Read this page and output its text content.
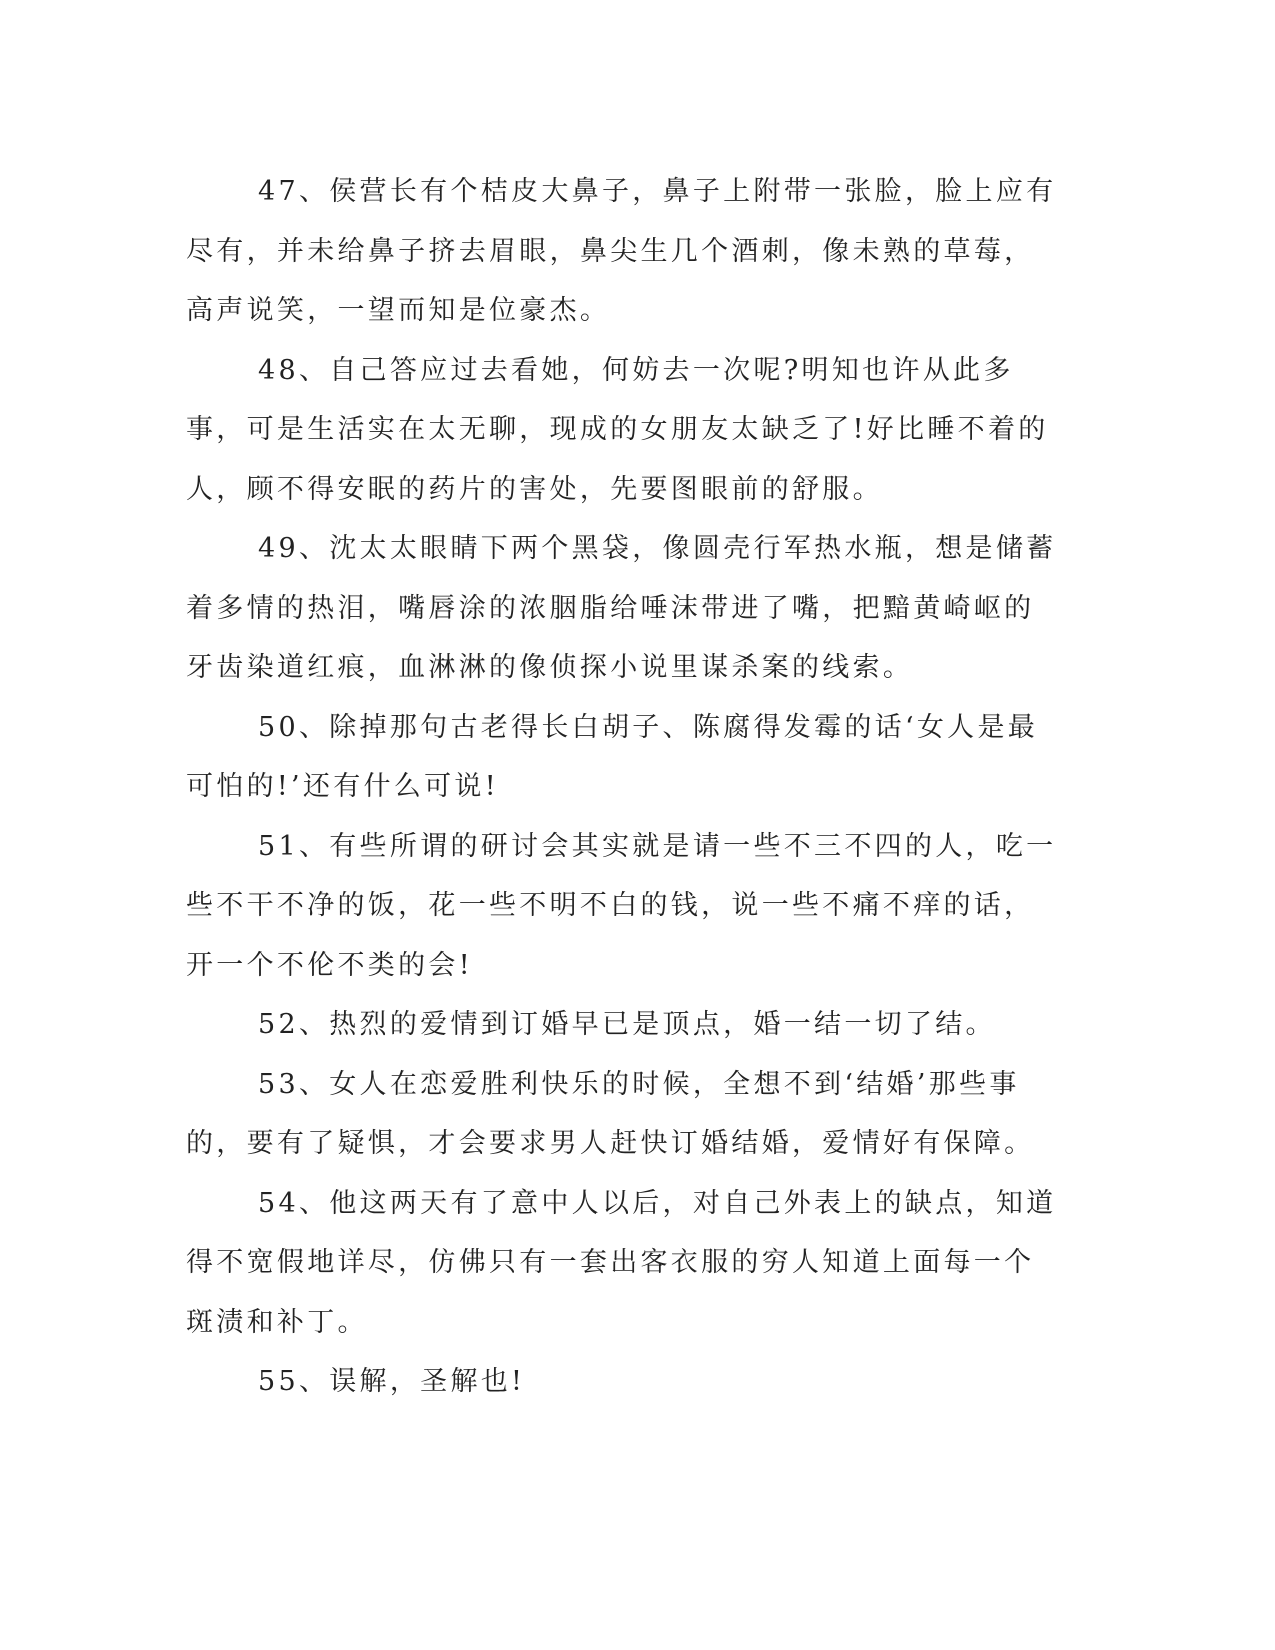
47、侯营长有个桔皮大鼻子，鼻子上附带一张脸，脸上应有尽有，并未给鼻子挤去眉眼，鼻尖生几个酒刺，像未熟的草莓，高声说笑，一望而知是位豪杰。

48、自己答应过去看她，何妨去一次呢?明知也许从此多事，可是生活实在太无聊，现成的女朋友太缺乏了!好比睡不着的人，顾不得安眠的药片的害处，先要图眼前的舒服。

49、沈太太眼睛下两个黑袋，像圆壳行军热水瓶，想是储蓄着多情的热泪，嘴唇涂的浓胭脂给唾沫带进了嘴，把黯黄崎岖的牙齿染道红痕，血淋淋的像侦探小说里谋杀案的线索。

50、除掉那句古老得长白胡子、陈腐得发霉的话‘女人是最可怕的!’还有什么可说!

51、有些所谓的研讨会其实就是请一些不三不四的人，吃一些不干不净的饭，花一些不明不白的钱，说一些不痛不痒的话，开一个不伦不类的会!

52、热烈的爱情到订婚早已是顶点，婚一结一切了结。

53、女人在恋爱胜利快乐的时候，全想不到‘结婚’那些事的，要有了疑惧，才会要求男人赶快订婚结婚，爱情好有保障。

54、他这两天有了意中人以后，对自己外表上的缺点，知道得不宽假地详尽，仿佛只有一套出客衣服的穷人知道上面每一个斑渍和补丁。

55、误解，圣解也!
